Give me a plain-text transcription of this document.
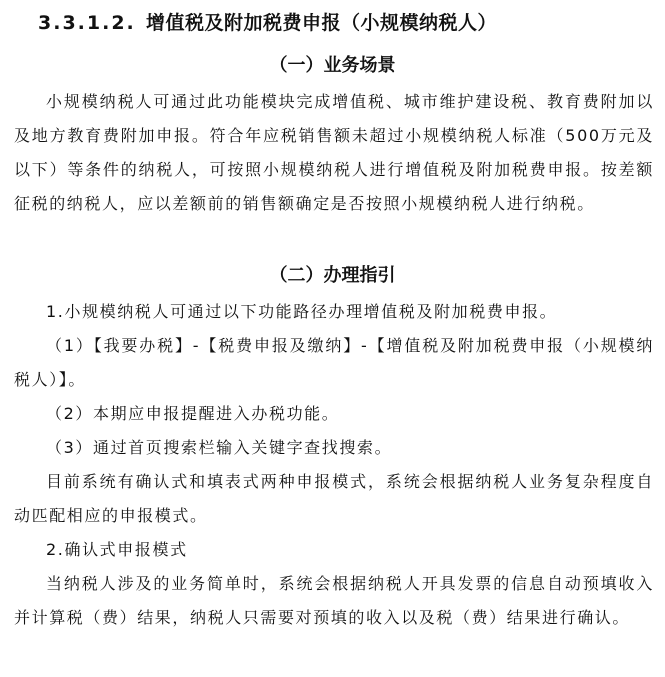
3.3.1.2. 增值税及附加税费申报（小规模纳税人）
（一）业务场景
小规模纳税人可通过此功能模块完成增值税、城市维护建设税、教育费附加以及地方教育费附加申报。符合年应税销售额未超过小规模纳税人标准（500万元及以下）等条件的纳税人，可按照小规模纳税人进行增值税及附加税费申报。按差额征税的纳税人，应以差额前的销售额确定是否按照小规模纳税人进行纳税。
（二）办理指引
1.小规模纳税人可通过以下功能路径办理增值税及附加税费申报。
（1）【我要办税】-【税费申报及缴纳】-【增值税及附加税费申报（小规模纳税人）】。
（2）本期应申报提醒进入办税功能。
（3）通过首页搜索栏输入关键字查找搜索。
目前系统有确认式和填表式两种申报模式，系统会根据纳税人业务复杂程度自动匹配相应的申报模式。
2.确认式申报模式
当纳税人涉及的业务简单时，系统会根据纳税人开具发票的信息自动预填收入并计算税（费）结果，纳税人只需要对预填的收入以及税（费）结果进行确认。
